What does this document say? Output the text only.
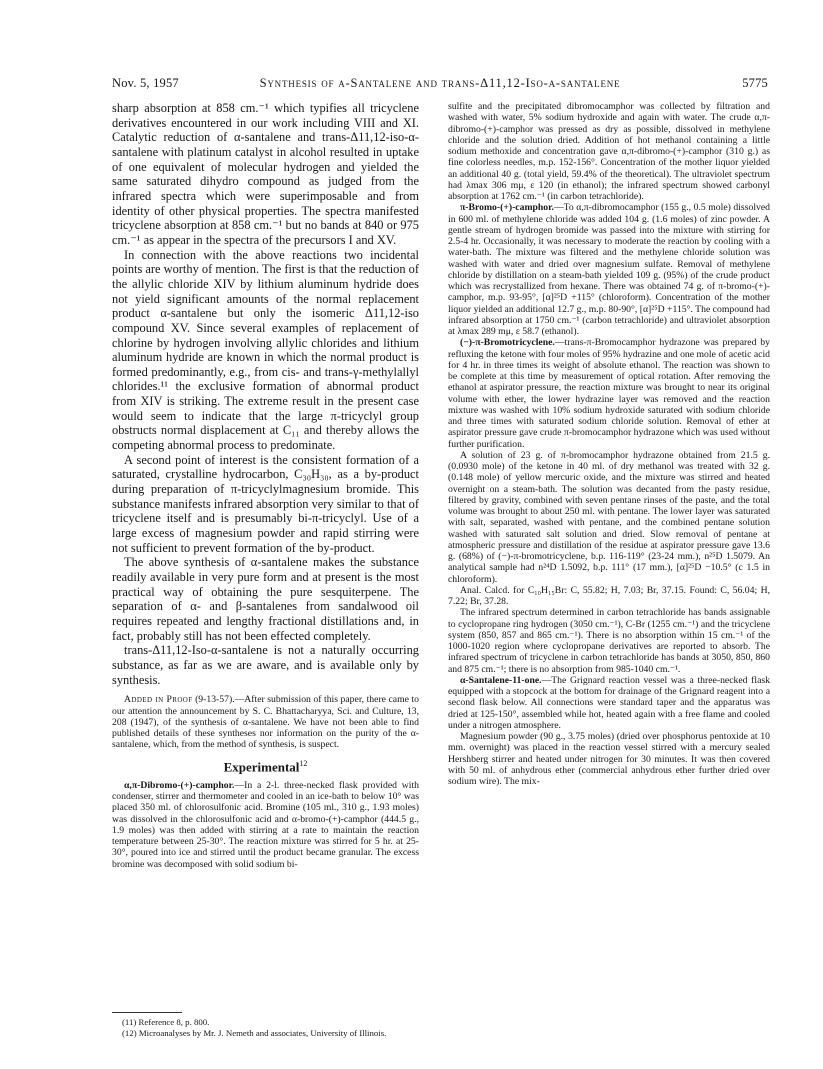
Nov. 5, 1957	Synthesis of α-Santalene and trans-Δ11,12-Iso-α-santalene	5775

sharp absorption at 858 cm.⁻¹ which typifies all tricyclene derivatives encountered in our work including VIII and XI. Catalytic reduction of α-santalene and trans-Δ11,12-iso-α-santalene with platinum catalyst in alcohol resulted in uptake of one equivalent of molecular hydrogen and yielded the same saturated dihydro compound as judged from the infrared spectra which were superimposable and from identity of other physical properties. The spectra manifested tricyclene absorption at 858 cm.⁻¹ but no bands at 840 or 975 cm.⁻¹ as appear in the spectra of the precursors I and XV.

In connection with the above reactions two incidental points are worthy of mention. The first is that the reduction of the allylic chloride XIV by lithium aluminum hydride does not yield significant amounts of the normal replacement product α-santalene but only the isomeric Δ11,12-iso compound XV. Since several examples of replacement of chlorine by hydrogen involving allylic chlorides and lithium aluminum hydride are known in which the normal product is formed predominantly, e.g., from cis- and trans-γ-methylallyl chlorides.¹¹ the exclusive formation of abnormal product from XIV is striking. The extreme result in the present case would seem to indicate that the large π-tricyclyl group obstructs normal displacement at C₁₁ and thereby allows the competing abnormal process to predominate.

A second point of interest is the consistent formation of a saturated, crystalline hydrocarbon, C₃₀H₃₀, as a by-product during preparation of π-tricyclylmagnesium bromide. This substance manifests infrared absorption very similar to that of tricyclene itself and is presumably bi-π-tricyclyl. Use of a large excess of magnesium powder and rapid stirring were not sufficient to prevent formation of the by-product.

The above synthesis of α-santalene makes the substance readily available in very pure form and at present is the most practical way of obtaining the pure sesquiterpene. The separation of α- and β-santalenes from sandalwood oil requires repeated and lengthy fractional distillations and, in fact, probably still has not been effected completely.

trans-Δ11,12-Iso-α-santalene is not a naturally occurring substance, as far as we are aware, and is available only by synthesis.

Added in Proof (9-13-57).—After submission of this paper, there came to our attention the announcement by S. C. Bhattacharyya, Sci. and Culture, 13, 208 (1947), of the synthesis of α-santalene. We have not been able to find published details of these syntheses nor information on the purity of the α-santalene, which, from the method of synthesis, is suspect.

Experimental$^{12}$

α,π-Dibromo-(+)-camphor.—In a 2-l. three-necked flask provided with condenser, stirrer and thermometer and cooled in an ice-bath to below 10° was placed 350 ml. of chlorosulfonic acid. Bromine (105 ml., 310 g., 1.93 moles) was dissolved in the chlorosulfonic acid and α-bromo-(+)-camphor (444.5 g., 1.9 moles) was then added with stirring at a rate to maintain the reaction temperature between 25-30°. The reaction mixture was stirred for 5 hr. at 25-30°, poured into ice and stirred until the product became granular. The excess bromine was decomposed with solid sodium bi-

sulfite and the precipitated dibromocamphor was collected by filtration and washed with water, 5% sodium hydroxide and again with water. The crude α,π-dibromo-(+)-camphor was pressed as dry as possible, dissolved in methylene chloride and the solution dried. Addition of hot methanol containing a little sodium methoxide and concentration gave α,π-dibromo-(+)-camphor (310 g.) as fine colorless needles, m.p. 152-156°. Concentration of the mother liquor yielded an additional 40 g. (total yield, 59.4% of the theoretical). The ultraviolet spectrum had λmax 306 mμ, ε 120 (in ethanol); the infrared spectrum showed carbonyl absorption at 1762 cm.⁻¹ (in carbon tetrachloride).

π-Bromo-(+)-camphor.—To α,π-dibromocamphor (155 g., 0.5 mole) dissolved in 600 ml. of methylene chloride was added 104 g. (1.6 moles) of zinc powder. A gentle stream of hydrogen bromide was passed into the mixture with stirring for 2.5-4 hr. Occasionally, it was necessary to moderate the reaction by cooling with a water-bath. The mixture was filtered and the methylene chloride solution was washed with water and dried over magnesium sulfate. Removal of methylene chloride by distillation on a steam-bath yielded 109 g. (95%) of the crude product which was recrystallized from hexane. There was obtained 74 g. of π-bromo-(+)-camphor, m.p. 93-95°, [α]²⁵D +115° (chloroform). Concentration of the mother liquor yielded an additional 12.7 g., m.p. 80-90°, [α]²⁵D +115°. The compound had infrared absorption at 1750 cm.⁻¹ (carbon tetrachloride) and ultraviolet absorption at λmax 289 mμ, ε 58.7 (ethanol).

(−)-π-Bromotricyclene.—trans-π-Bromocamphor hydrazone was prepared by refluxing the ketone with four moles of 95% hydrazine and one mole of acetic acid for 4 hr. in three times its weight of absolute ethanol. The reaction was shown to be complete at this time by measurement of optical rotation. After removing the ethanol at aspirator pressure, the reaction mixture was brought to near its original volume with ether, the lower hydrazine layer was removed and the reaction mixture was washed with 10% sodium hydroxide saturated with sodium chloride and three times with saturated sodium chloride solution. Removal of ether at aspirator pressure gave crude π-bromocamphor hydrazone which was used without further purification.

A solution of 23 g. of π-bromocamphor hydrazone obtained from 21.5 g. (0.0930 mole) of the ketone in 40 ml. of dry methanol was treated with 32 g. (0.148 mole) of yellow mercuric oxide, and the mixture was stirred and heated overnight on a steam-bath. The solution was decanted from the pasty residue, filtered by gravity, combined with seven pentane rinses of the paste, and the total volume was brought to about 250 ml. with pentane. The lower layer was saturated with salt, separated, washed with pentane, and the combined pentane solution washed with saturated salt solution and dried. Slow removal of pentane at atmospheric pressure and distillation of the residue at aspirator pressure gave 13.6 g. (68%) of (−)-π-bromotricyclene, b.p. 116-119° (23-24 mm.), n²⁵D 1.5079. An analytical sample had n²⁴D 1.5092, b.p. 111° (17 mm.), [α]²⁵D −10.5° (c 1.5 in chloroform).

Anal. Calcd. for C₁₀H₁₅Br: C, 55.82; H, 7.03; Br, 37.15. Found: C, 56.04; H, 7.22; Br, 37.28.

The infrared spectrum determined in carbon tetrachloride has bands assignable to cyclopropane ring hydrogen (3050 cm.⁻¹), C-Br (1255 cm.⁻¹) and the tricyclene system (850, 857 and 865 cm.⁻¹). There is no absorption within 15 cm.⁻¹ of the 1000-1020 region where cyclopropane derivatives are reported to absorb. The infrared spectrum of tricyclene in carbon tetrachloride has bands at 3050, 850, 860 and 875 cm.⁻¹; there is no absorption from 985-1040 cm.⁻¹.

α-Santalene-11-one.—The Grignard reaction vessel was a three-necked flask equipped with a stopcock at the bottom for drainage of the Grignard reagent into a second flask below. All connections were standard taper and the apparatus was dried at 125-150°, assembled while hot, heated again with a free flame and cooled under a nitrogen atmosphere.

Magnesium powder (90 g., 3.75 moles) (dried over phosphorus pentoxide at 10 mm. overnight) was placed in the reaction vessel stirred with a mercury sealed Hershberg stirrer and heated under nitrogen for 30 minutes. It was then covered with 50 ml. of anhydrous ether (commercial anhydrous ether further dried over sodium wire). The mix-

(11) Reference 8, p. 800.
(12) Microanalyses by Mr. J. Nemeth and associates, University of Illinois.
